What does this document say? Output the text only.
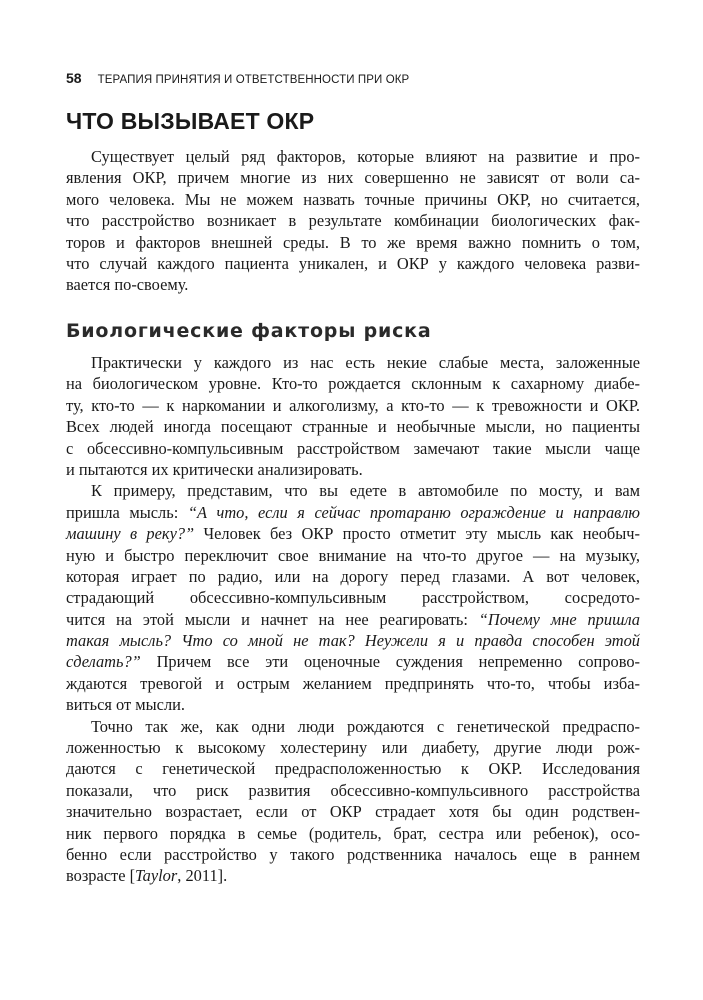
58 ТЕРАПИЯ ПРИНЯТИЯ И ОТВЕТСТВЕННОСТИ ПРИ ОКР
ЧТО ВЫЗЫВАЕТ ОКР
Существует целый ряд факторов, которые влияют на развитие и про-
явления ОКР, причем многие из них совершенно не зависят от воли са-
мого человека. Мы не можем назвать точные причины ОКР, но считается,
что расстройство возникает в результате комбинации биологических фак-
торов и факторов внешней среды. В то же время важно помнить о том,
что случай каждого пациента уникален, и ОКР у каждого человека разви-
вается по-своему.
Биологические факторы риска
Практически у каждого из нас есть некие слабые места, заложенные
на биологическом уровне. Кто-то рождается склонным к сахарному диабе-
ту, кто-то — к наркомании и алкоголизму, а кто-то — к тревожности и ОКР.
Всех людей иногда посещают странные и необычные мысли, но пациенты
с обсессивно-компульсивным расстройством замечают такие мысли чаще
и пытаются их критически анализировать.
К примеру, представим, что вы едете в автомобиле по мосту, и вам
пришла мысль: “А что, если я сейчас протараню ограждение и направлю
машину в реку?” Человек без ОКР просто отметит эту мысль как необыч-
ную и быстро переключит свое внимание на что-то другое — на музыку,
которая играет по радио, или на дорогу перед глазами. А вот человек,
страдающий обсессивно-компульсивным расстройством, сосредото-
чится на этой мысли и начнет на нее реагировать: “Почему мне пришла
такая мысль? Что со мной не так? Неужели я и правда способен этой
сделать?” Причем все эти оценочные суждения непременно сопрово-
ждаются тревогой и острым желанием предпринять что-то, чтобы изба-
виться от мысли.
Точно так же, как одни люди рождаются с генетической предраспо-
ложенностью к высокому холестерину или диабету, другие люди рож-
даются с генетической предрасположенностью к ОКР. Исследования
показали, что риск развития обсессивно-компульсивного расстройства
значительно возрастает, если от ОКР страдает хотя бы один родствен-
ник первого порядка в семье (родитель, брат, сестра или ребенок), осо-
бенно если расстройство у такого родственника началось еще в раннем
возрасте [Taylor, 2011].
